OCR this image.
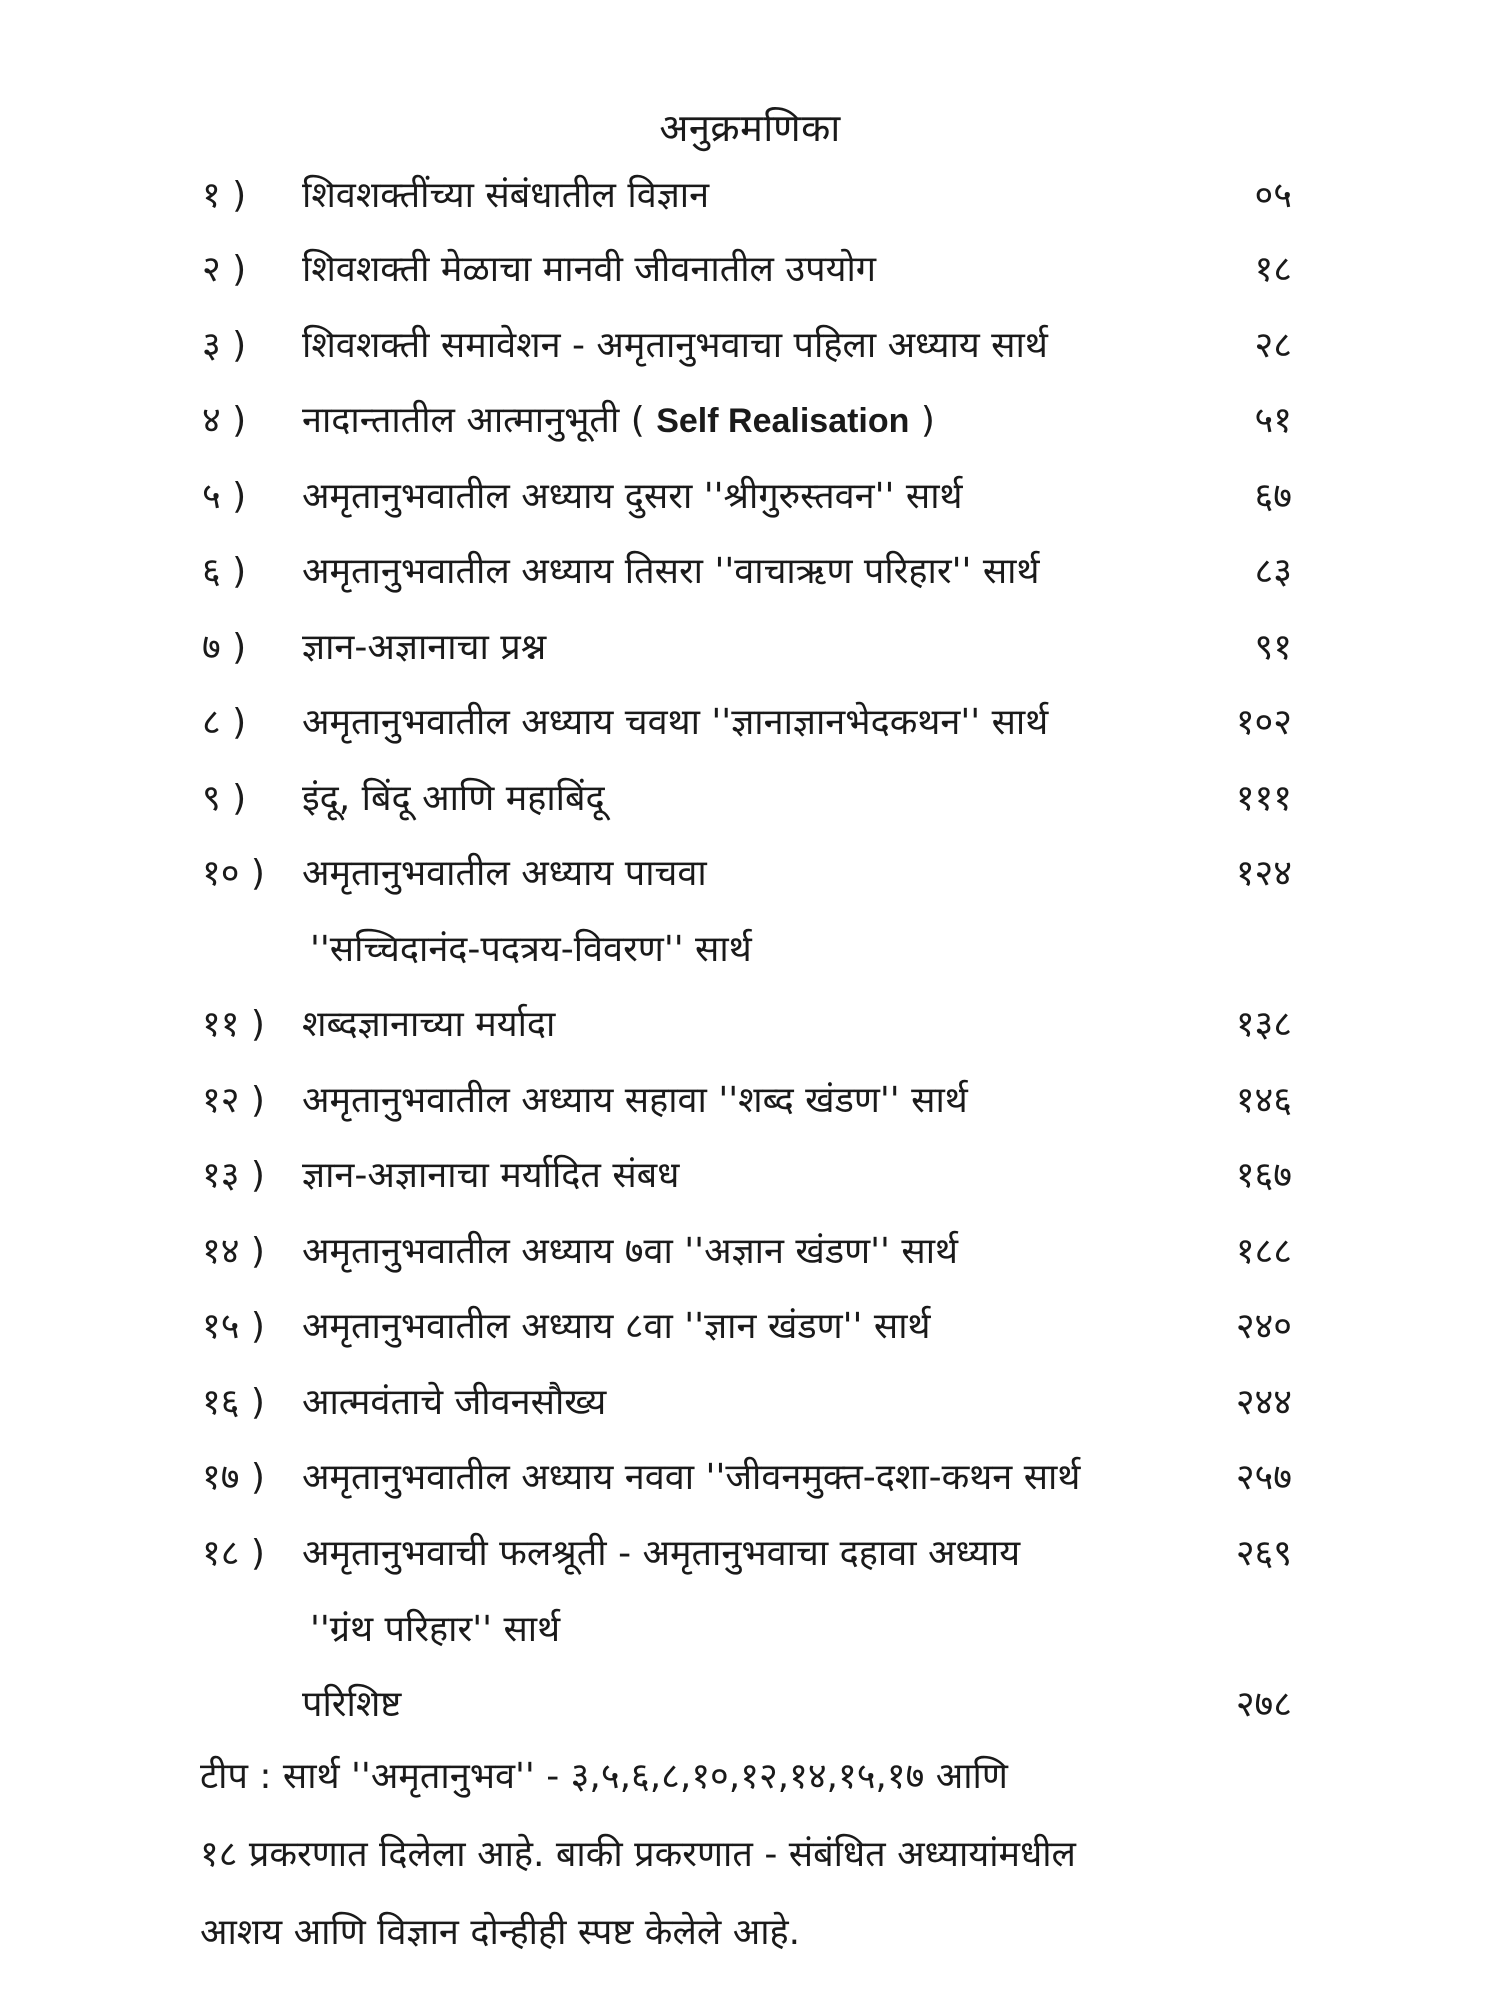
अनुक्रमणिका
१ )	शिवशक्तींच्या संबंधातील विज्ञान	०५
२ )	शिवशक्ती मेळाचा मानवी जीवनातील उपयोग	१८
३ )	शिवशक्ती समावेशन - अमृतानुभवाचा पहिला अध्याय सार्थ	२८
४ )	नादान्तातील आत्मानुभूती ( Self Realisation )	५१
५ )	अमृतानुभवातील अध्याय दुसरा ''श्रीगुरुस्तवन'' सार्थ	६७
६ )	अमृतानुभवातील अध्याय तिसरा ''वाचाऋण परिहार'' सार्थ	८३
७ )	ज्ञान-अज्ञानाचा प्रश्न	९१
८ )	अमृतानुभवातील अध्याय चवथा ''ज्ञानाज्ञानभेदकथन'' सार्थ	१०२
९ )	इंदू, बिंदू आणि महाबिंदू	१११
१० )	अमृतानुभवातील अध्याय पाचवा	१२४
''सच्चिदानंद-पदत्रय-विवरण'' सार्थ
११ )	शब्दज्ञानाच्या मर्यादा	१३८
१२ )	अमृतानुभवातील अध्याय सहावा ''शब्द खंडण'' सार्थ	१४६
१३ )	ज्ञान-अज्ञानाचा मर्यादित संबध	१६७
१४ )	अमृतानुभवातील अध्याय ७वा ''अज्ञान खंडण'' सार्थ	१८८
१५ )	अमृतानुभवातील अध्याय ८वा ''ज्ञान खंडण'' सार्थ	२४०
१६ )	आत्मवंताचे जीवनसौख्य	२४४
१७ )	अमृतानुभवातील अध्याय नववा ''जीवनमुक्त-दशा-कथन सार्थ	२५७
१८ )	अमृतानुभवाची फलश्रूती - अमृतानुभवाचा दहावा अध्याय	२६९
''ग्रंथ परिहार'' सार्थ
परिशिष्ट	२७८
टीप : सार्थ ''अमृतानुभव'' - ३,५,६,८,१०,१२,१४,१५,१७ आणि
१८ प्रकरणात दिलेला आहे. बाकी प्रकरणात - संबंधित अध्यायांमधील
आशय आणि विज्ञान दोन्हीही स्पष्ट केलेले आहे.
